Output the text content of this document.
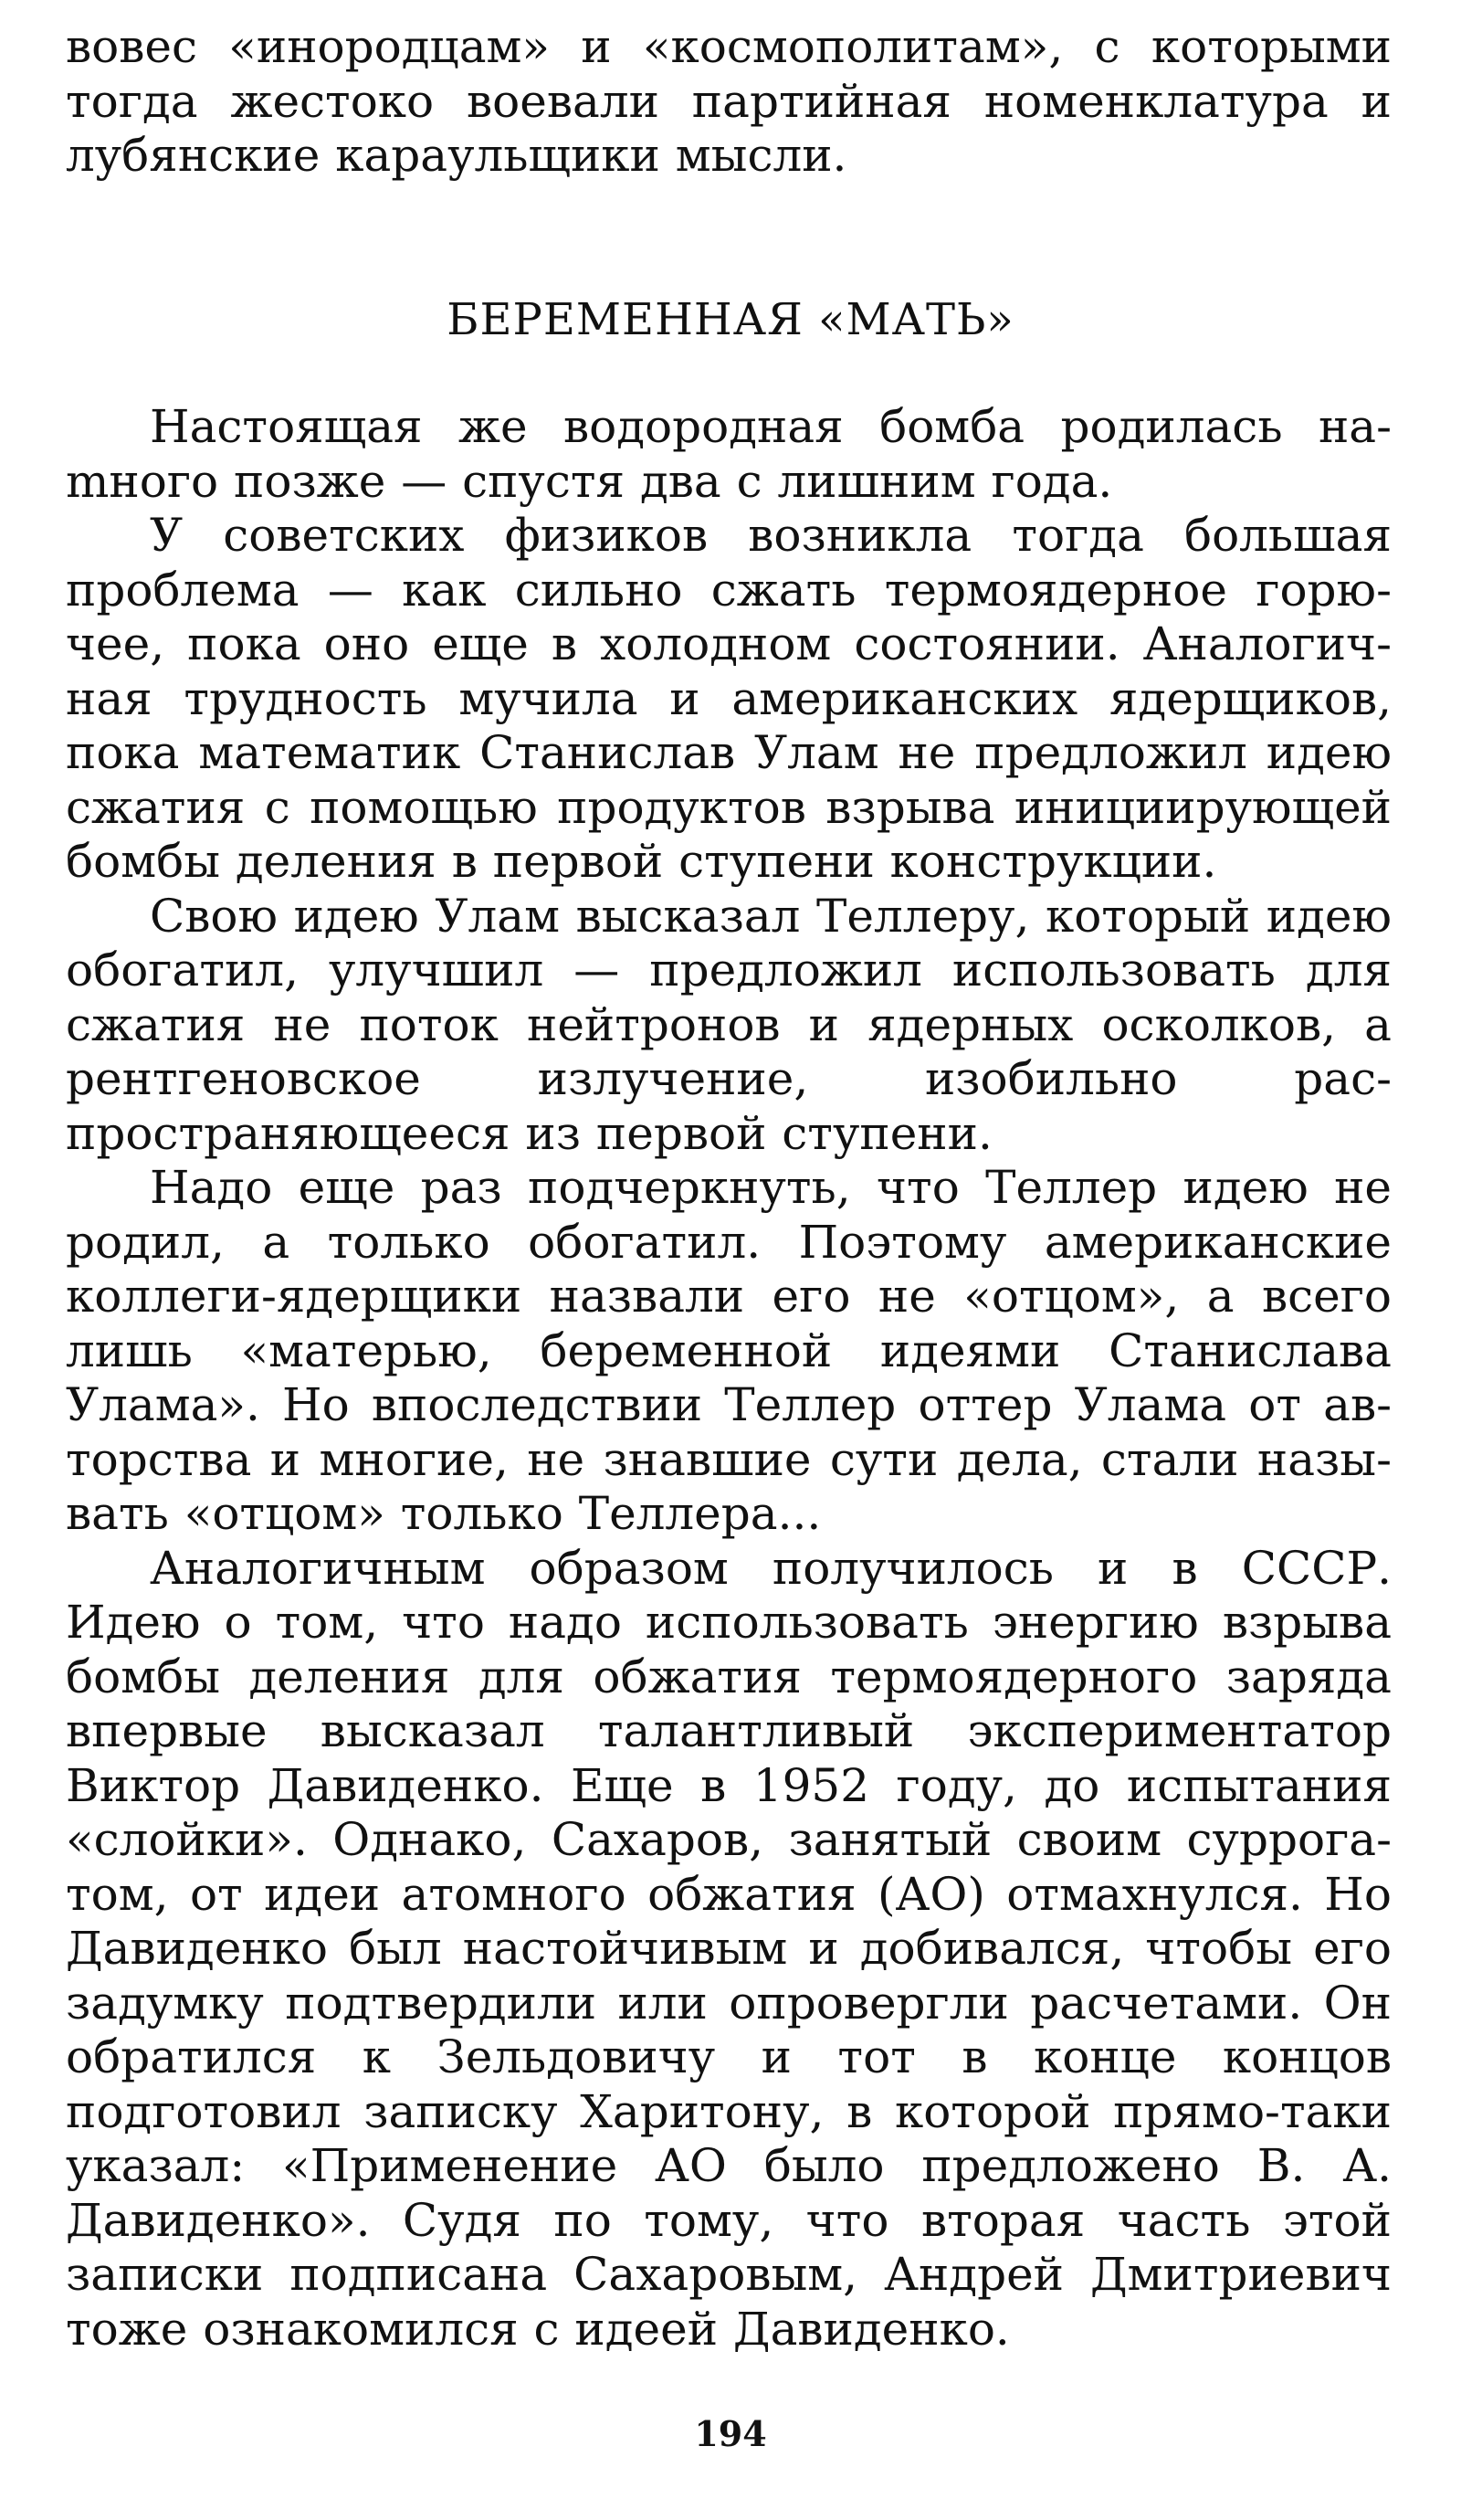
вовес «инородцам» и «космополитам», с которыми тогда жестоко воевали партийная номенклатура и лубянские караульщики мысли.

БЕРЕМЕННАЯ «МАТЬ»

Настоящая же водородная бомба родилась наmного позже — спустя два с лишним года.

У советских физиков возникла тогда большая проблема — как сильно сжать термоядерное горючее, пока оно еще в холодном состоянии. Аналогичная трудность мучила и американских ядерщиков, пока математик Станислав Улам не предложил идею сжатия с помощью продуктов взрыва инициирующей бомбы деления в первой ступени конструкции.

Свою идею Улам высказал Теллеру, который идею обогатил, улучшил — предложил использовать для сжатия не поток нейтронов и ядерных осколков, а рентгеновское излучение, изобильно распространяющееся из первой ступени.

Надо еще раз подчеркнуть, что Теллер идею не родил, а только обогатил. Поэтому американские коллеги-ядерщики назвали его не «отцом», а всего лишь «матерью, беременной идеями Станислава Улама». Но впоследствии Теллер оттер Улама от авторства и многие, не знавшие сути дела, стали называть «отцом» только Теллера...

Аналогичным образом получилось и в СССР. Идею о том, что надо использовать энергию взрыва бомбы деления для обжатия термоядерного заряда впервые высказал талантливый экспериментатор Виктор Давиденко. Еще в 1952 году, до испытания «слойки». Однако, Сахаров, занятый своим суррогатом, от идеи атомного обжатия (АО) отмахнулся. Но Давиденко был настойчивым и добивался, чтобы его задумку подтвердили или опровергли расчетами. Он обратился к Зельдовичу и тот в конце концов подготовил записку Харитону, в которой прямо-таки указал: «Применение АО было предложено В. А. Давиденко». Судя по тому, что вторая часть этой записки подписана Сахаровым, Андрей Дмитриевич тоже ознакомился с идеей Давиденко.

194
